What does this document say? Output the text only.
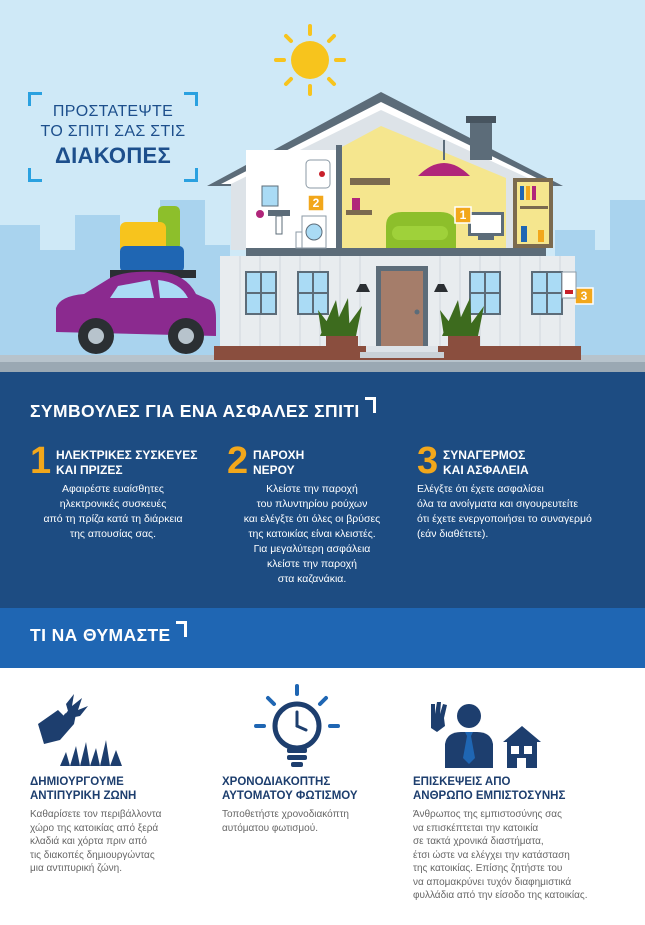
1
2
3
ΠΡΟΣΤΑΤΕΨΤΕ
ΤΟ ΣΠΙΤΙ ΣΑΣ ΣΤΙΣ
ΔΙΑΚΟΠΕΣ
ΣΥΜΒΟΥΛΕΣ ΓΙΑ ΕΝΑ ΑΣΦΑΛΕΣ ΣΠΙΤΙ
1 ΗΛΕΚΤΡΙΚΕΣ ΣΥΣΚΕΥΕΣ
ΚΑΙ ΠΡΙΖΕΣ
Αφαιρέστε ευαίσθητες
ηλεκτρονικές συσκευές
από τη πρίζα κατά τη διάρκεια
της απουσίας σας.
2 ΠΑΡΟΧΗ
ΝΕΡΟΥ
Κλείστε την παροχή
του πλυντηρίου ρούχων
και ελέγξτε ότι όλες οι βρύσες
της κατοικίας είναι κλειστές.
Για μεγαλύτερη ασφάλεια
κλείστε την παροχή
στα καζανάκια.
3 ΣΥΝΑΓΕΡΜΟΣ
ΚΑΙ ΑΣΦΑΛΕΙΑ
Ελέγξτε ότι έχετε ασφαλίσει
όλα τα ανοίγματα και σιγουρευτείτε
ότι έχετε ενεργοποιήσει το συναγερμό
(εάν διαθέτετε).
ΤΙ ΝΑ ΘΥΜΑΣΤΕ
ΔΗΜΙΟΥΡΓΟΥΜΕ
ΑΝΤΙΠΥΡΙΚΗ ΖΩΝΗ
Καθαρίσετε τον περιβάλλοντα
χώρο της κατοικίας από ξερά
κλαδιά και χόρτα πριν από
τις διακοπές δημιουργώντας
μια αντιπυρική ζώνη.
ΧΡΟΝΟΔΙΑΚΟΠΤΗΣ
ΑΥΤΟΜΑΤΟΥ ΦΩΤΙΣΜΟΥ
Τοποθετήστε χρονοδιακόπτη
αυτόματου φωτισμού.
ΕΠΙΣΚΕΨΕΙΣ ΑΠΟ
ΑΝΘΡΩΠΟ ΕΜΠΙΣΤΟΣΥΝΗΣ
Άνθρωπος της εμπιστοσύνης σας
να επισκέπτεται την κατοικία
σε τακτά χρονικά διαστήματα,
έτσι ώστε να ελέγχει την κατάσταση
της κατοικίας. Επίσης ζητήστε του
να απομακρύνει τυχόν διαφημιστικά
φυλλάδια από την είσοδο της κατοικίας.
